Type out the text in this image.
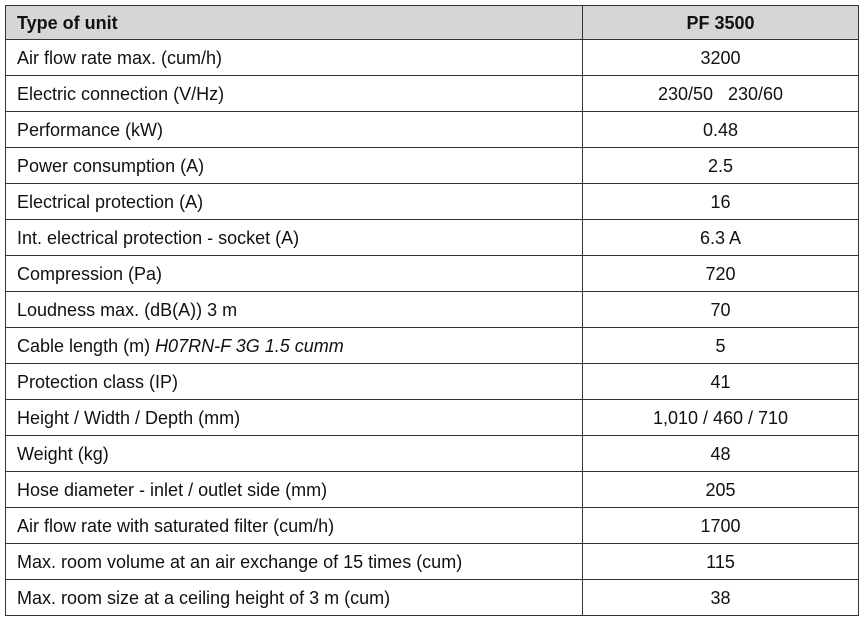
Type of unit	PF 3500
Air flow rate max. (cum/h)	3200
Electric connection (V/Hz)	230/50   230/60
Performance (kW)	0.48
Power consumption (A)	2.5
Electrical protection (A)	16
Int. electrical protection - socket (A)	6.3 A
Compression (Pa)	720
Loudness max. (dB(A)) 3 m	70
Cable length (m) H07RN-F 3G 1.5 cumm	5
Protection class (IP)	41
Height / Width / Depth (mm)	1,010 / 460 / 710
Weight (kg)	48
Hose diameter - inlet / outlet side (mm)	205
Air flow rate with saturated filter (cum/h)	1700
Max. room volume at an air exchange of 15 times (cum)	115
Max. room size at a ceiling height of 3 m (cum)	38
